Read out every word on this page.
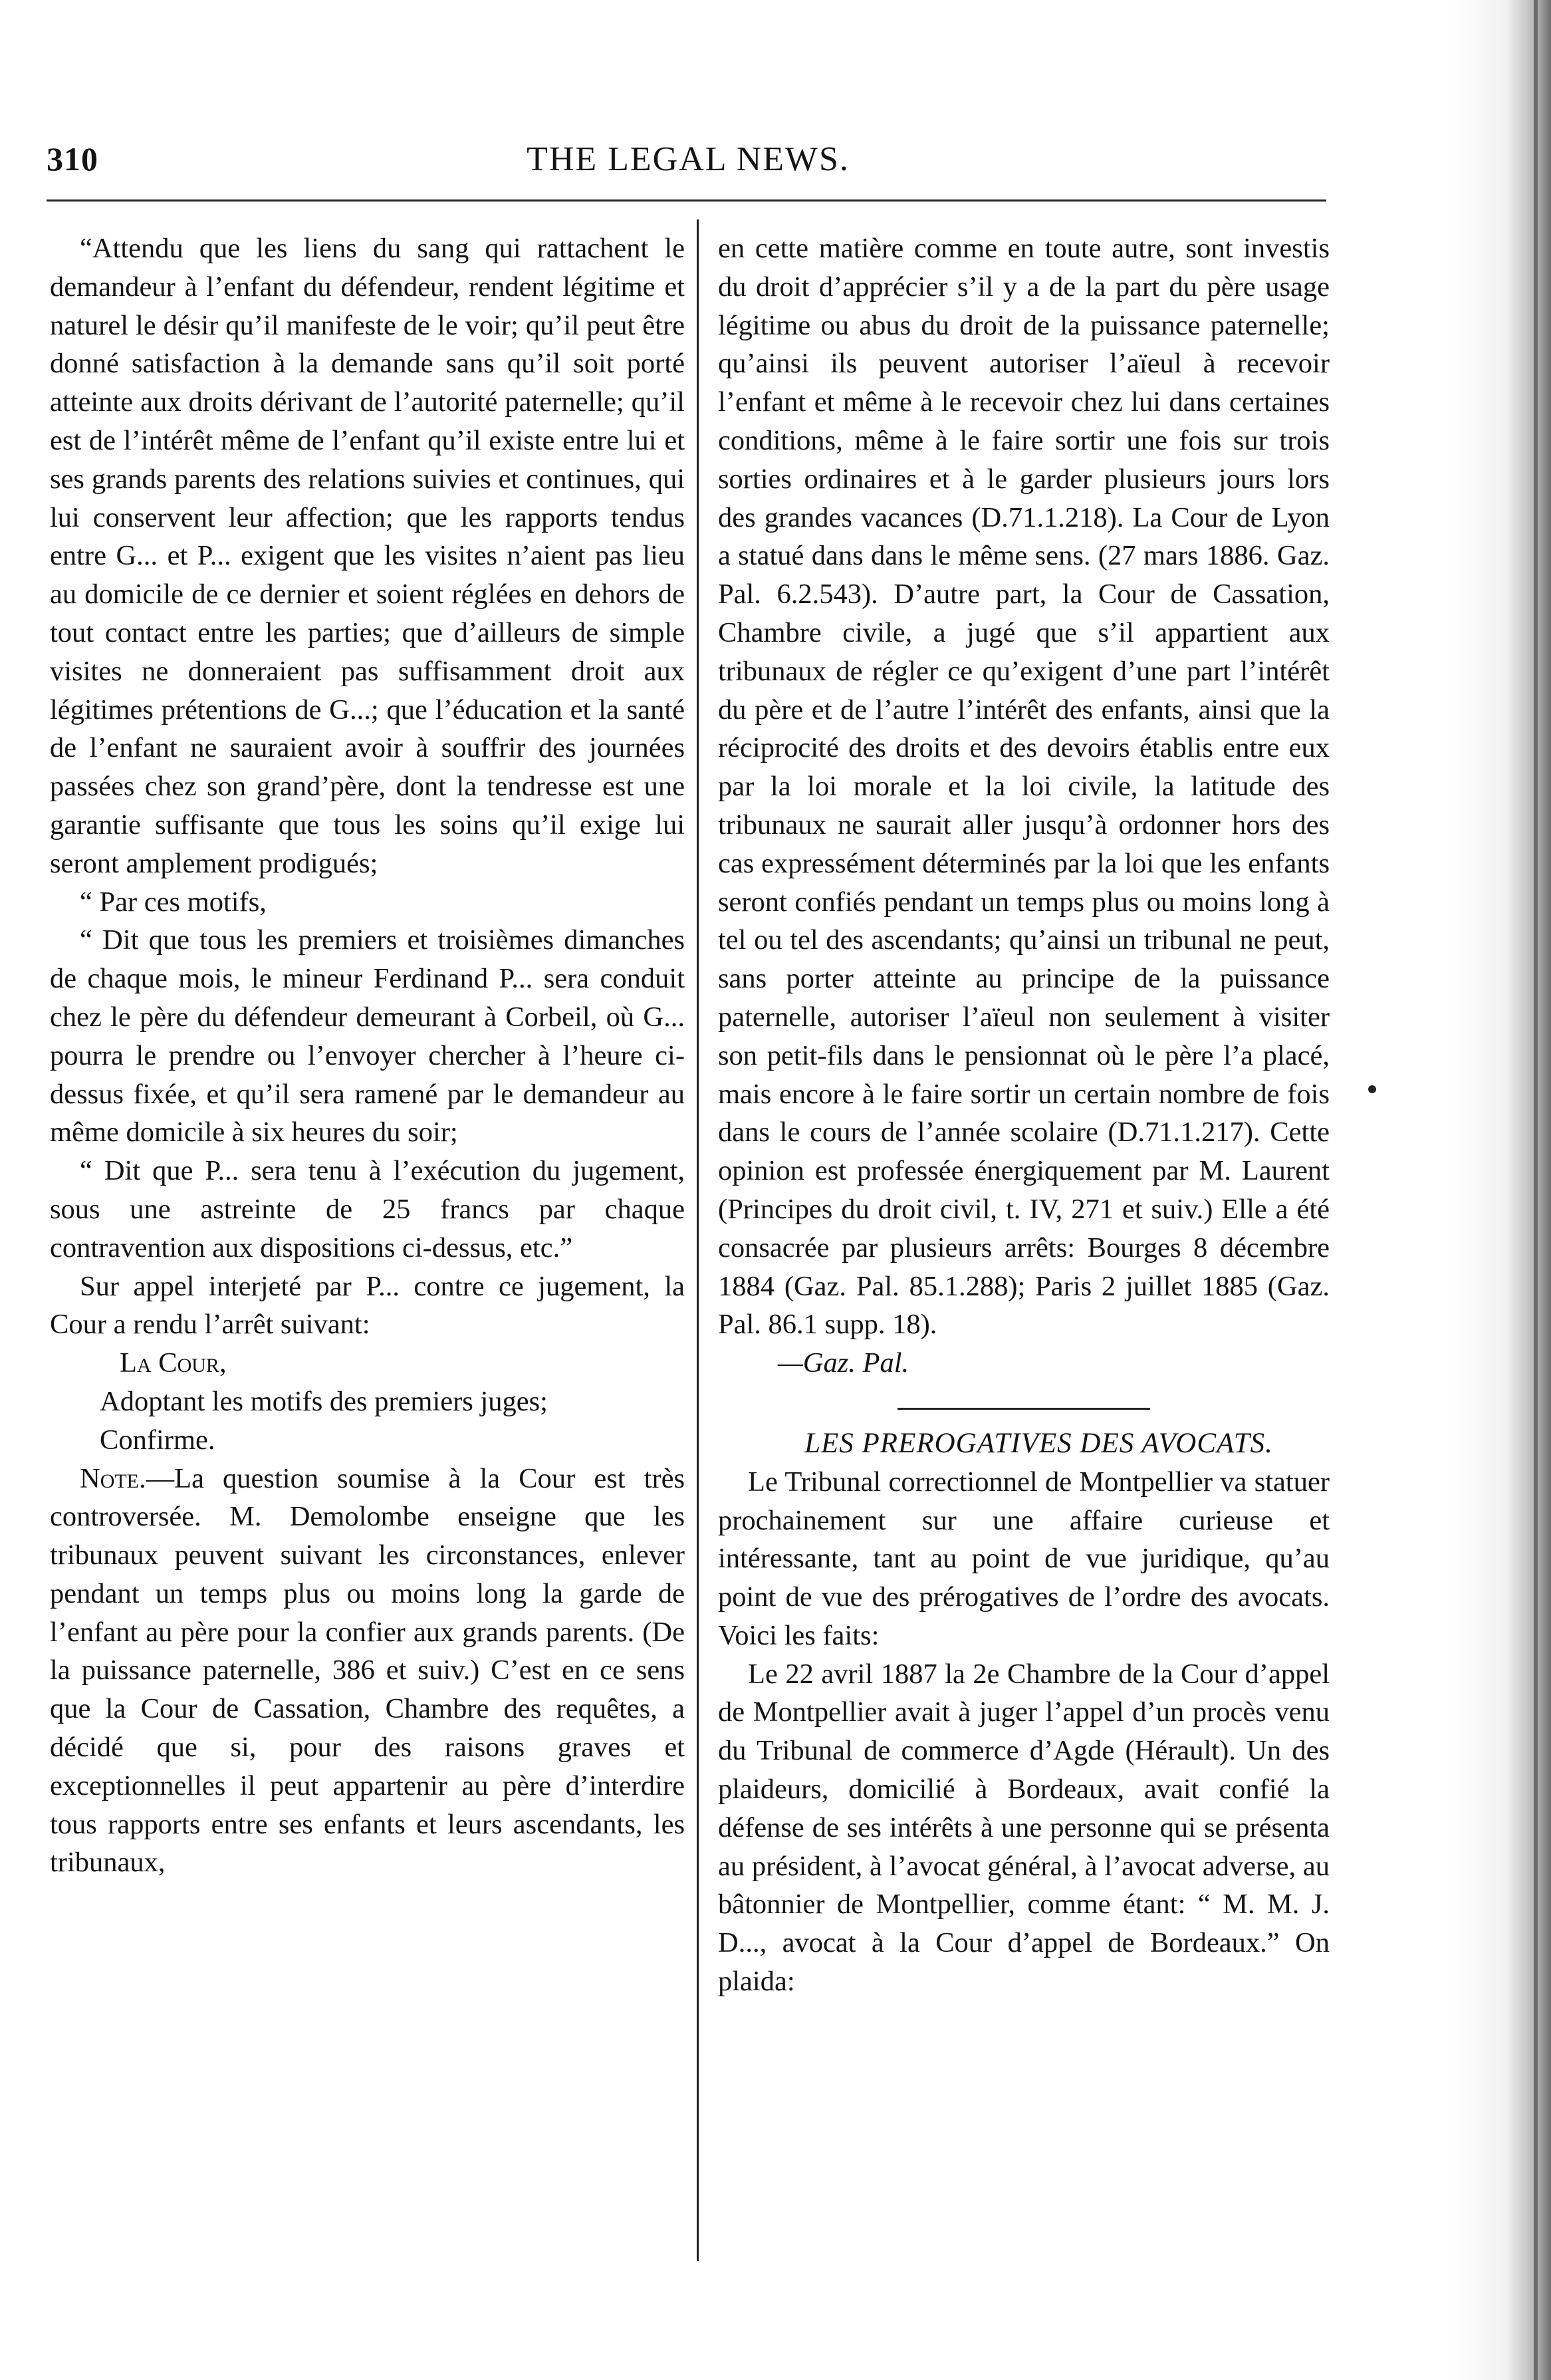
310	THE LEGAL NEWS.

“Attendu que les liens du sang qui rattachent le demandeur à l’enfant du défendeur, rendent légitime et naturel le désir qu’il manifeste de le voir; qu’il peut être donné satisfaction à la demande sans qu’il soit porté atteinte aux droits dérivant de l’autorité paternelle; qu’il est de l’intérêt même de l’enfant qu’il existe entre lui et ses grands parents des relations suivies et continues, qui lui conservent leur affection; que les rapports tendus entre G... et P... exigent que les visites n’aient pas lieu au domicile de ce dernier et soient réglées en dehors de tout contact entre les parties; que d’ailleurs de simple visites ne donneraient pas suffisamment droit aux légitimes prétentions de G...; que l’éducation et la santé de l’enfant ne sauraient avoir à souffrir des journées passées chez son grand’père, dont la tendresse est une garantie suffisante que tous les soins qu’il exige lui seront amplement prodigués;

“ Par ces motifs,

“ Dit que tous les premiers et troisièmes dimanches de chaque mois, le mineur Ferdinand P... sera conduit chez le père du défendeur demeurant à Corbeil, où G... pourra le prendre ou l’envoyer chercher à l’heure ci-dessus fixée, et qu’il sera ramené par le demandeur au même domicile à six heures du soir;

“ Dit que P... sera tenu à l’exécution du jugement, sous une astreinte de 25 francs par chaque contravention aux dispositions ci-dessus, etc.”

Sur appel interjeté par P... contre ce jugement, la Cour a rendu l’arrêt suivant:

La Cour,

Adoptant les motifs des premiers juges;

Confirme.

Note.—La question soumise à la Cour est très controversée. M. Demolombe enseigne que les tribunaux peuvent suivant les circonstances, enlever pendant un temps plus ou moins long la garde de l’enfant au père pour la confier aux grands parents. (De la puissance paternelle, 386 et suiv.) C’est en ce sens que la Cour de Cassation, Chambre des requêtes, a décidé que si, pour des raisons graves et exceptionnelles il peut appartenir au père d’interdire tous rapports entre ses enfants et leurs ascendants, les tribunaux,

en cette matière comme en toute autre, sont investis du droit d’apprécier s’il y a de la part du père usage légitime ou abus du droit de la puissance paternelle; qu’ainsi ils peuvent autoriser l’aïeul à recevoir l’enfant et même à le recevoir chez lui dans certaines conditions, même à le faire sortir une fois sur trois sorties ordinaires et à le garder plusieurs jours lors des grandes vacances (D.71.1.218). La Cour de Lyon a statué dans dans le même sens. (27 mars 1886. Gaz. Pal. 6.2.543). D’autre part, la Cour de Cassation, Chambre civile, a jugé que s’il appartient aux tribunaux de régler ce qu’exigent d’une part l’intérêt du père et de l’autre l’intérêt des enfants, ainsi que la réciprocité des droits et des devoirs établis entre eux par la loi morale et la loi civile, la latitude des tribunaux ne saurait aller jusqu’à ordonner hors des cas expressément déterminés par la loi que les enfants seront confiés pendant un temps plus ou moins long à tel ou tel des ascendants; qu’ainsi un tribunal ne peut, sans porter atteinte au principe de la puissance paternelle, autoriser l’aïeul non seulement à visiter son petit-fils dans le pensionnat où le père l’a placé, mais encore à le faire sortir un certain nombre de fois dans le cours de l’année scolaire (D.71.1.217). Cette opinion est professée énergiquement par M. Laurent (Principes du droit civil, t. IV, 271 et suiv.) Elle a été consacrée par plusieurs arrêts: Bourges 8 décembre 1884 (Gaz. Pal. 85.1.288); Paris 2 juillet 1885 (Gaz. Pal. 86.1 supp. 18).

—Gaz. Pal.

LES PREROGATIVES DES AVOCATS.

Le Tribunal correctionnel de Montpellier va statuer prochainement sur une affaire curieuse et intéressante, tant au point de vue juridique, qu’au point de vue des prérogatives de l’ordre des avocats. Voici les faits:

Le 22 avril 1887 la 2e Chambre de la Cour d’appel de Montpellier avait à juger l’appel d’un procès venu du Tribunal de commerce d’Agde (Hérault). Un des plaideurs, domicilié à Bordeaux, avait confié la défense de ses intérêts à une personne qui se présenta au président, à l’avocat général, à l’avocat adverse, au bâtonnier de Montpellier, comme étant: “ M. M. J. D..., avocat à la Cour d’appel de Bordeaux.” On plaida:
